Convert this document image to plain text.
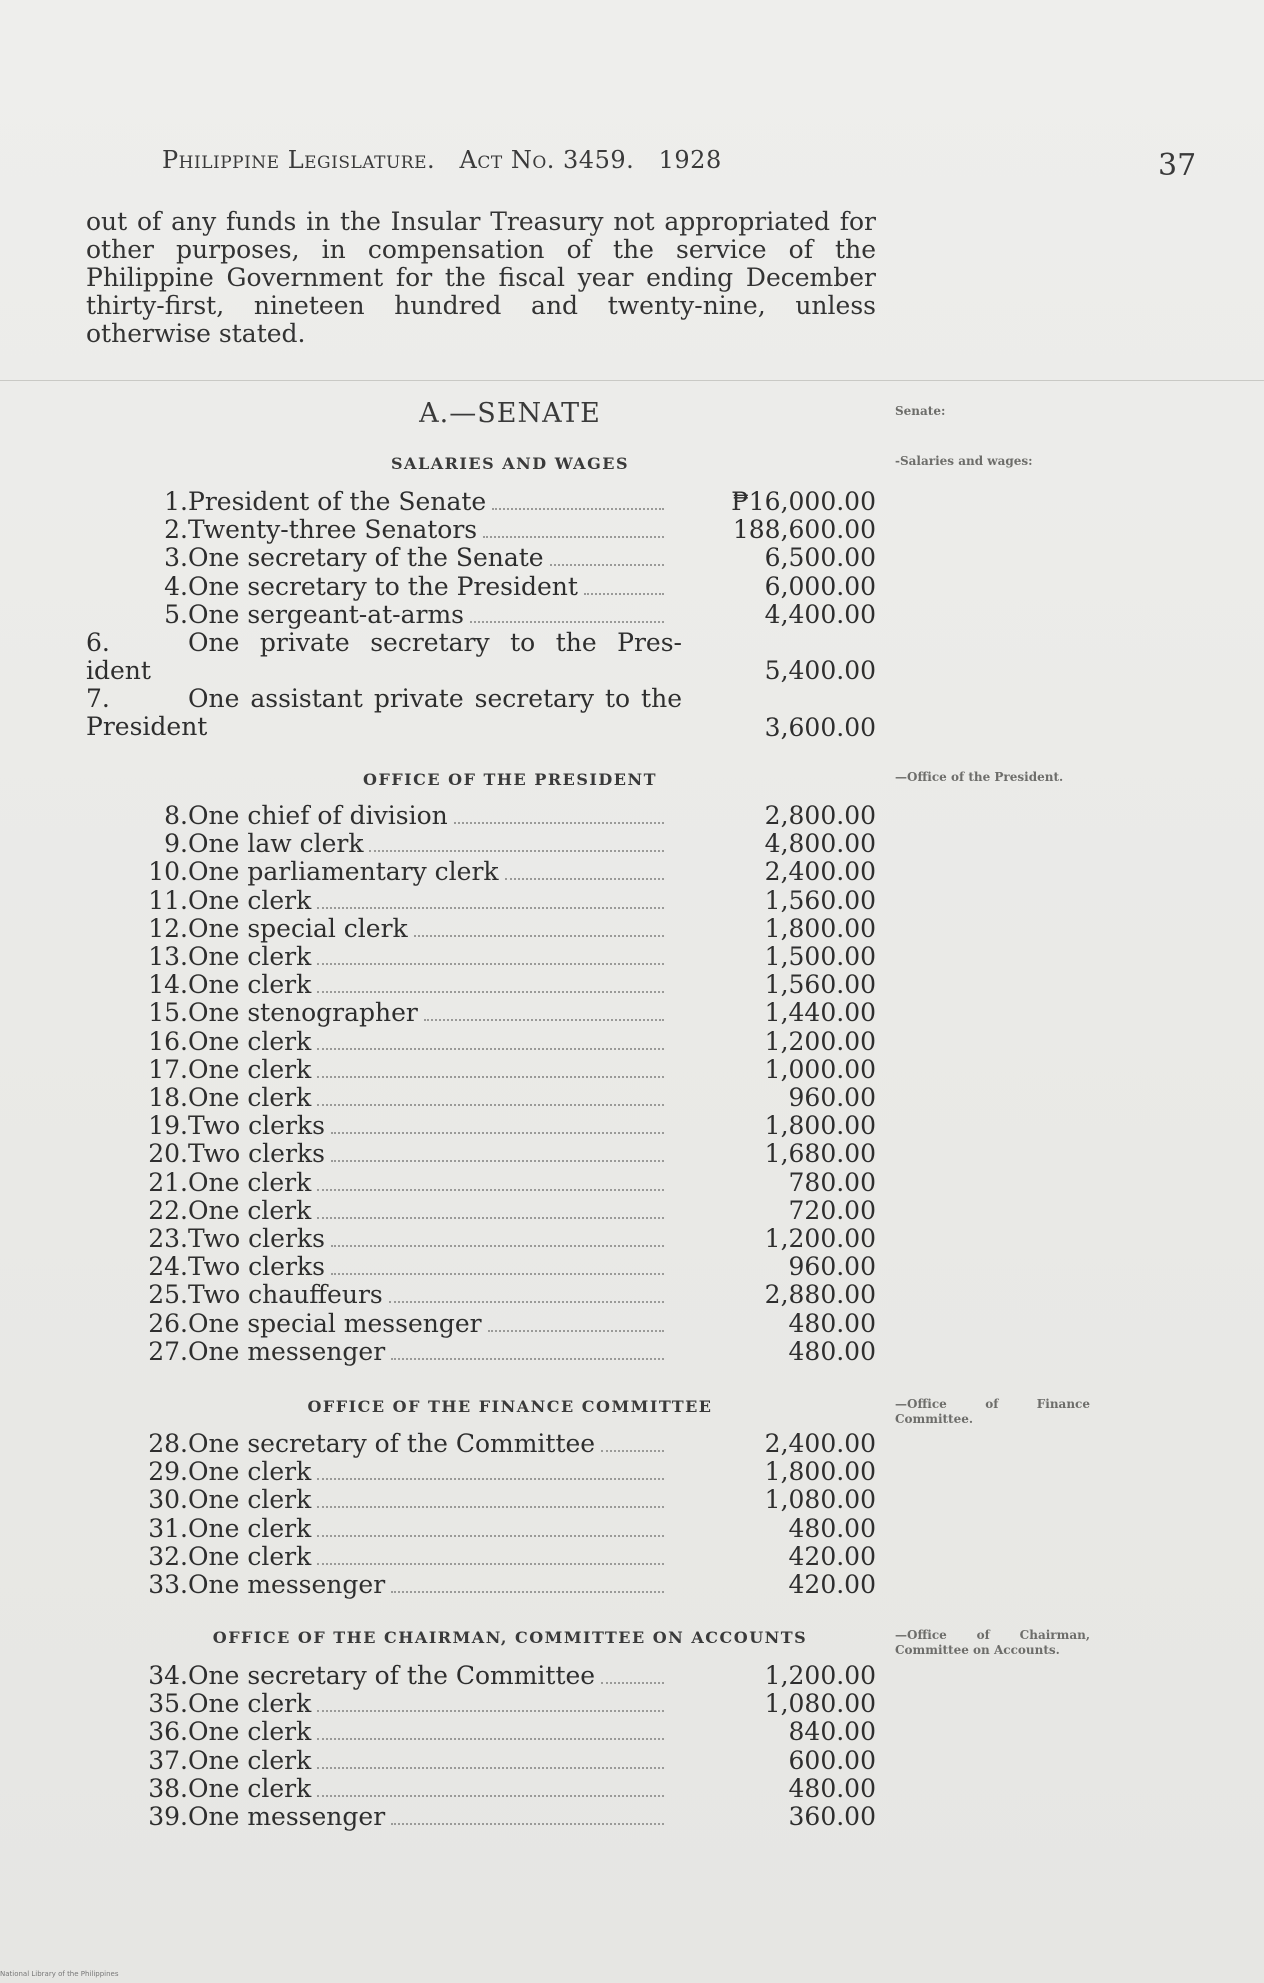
Philippine Legislature. Act No. 3459. 1928	37

out of any funds in the Insular Treasury not appropriated for other purposes, in compensation of the service of the Philippine Government for the fiscal year ending December thirty-first, nineteen hundred and twenty-nine, unless otherwise stated.

A.—SENATE	Senate:
SALARIES AND WAGES	-Salaries and wages:
1.President of the Senate	₱16,000.00
2.Twenty-three Senators	188,600.00
3.One secretary of the Senate	6,500.00
4.One secretary to the President	6,000.00
5.One sergeant-at-arms	4,400.00
6.	One private secretary to the Pres-
ident	5,400.00
7.	One assistant private secretary to the
President	3,600.00
OFFICE OF THE PRESIDENT	—Office of the President.
8.One chief of division	2,800.00
9.One law clerk	4,800.00
10.One parliamentary clerk	2,400.00
11.One clerk	1,560.00
12.One special clerk	1,800.00
13.One clerk	1,500.00
14.One clerk	1,560.00
15.One stenographer	1,440.00
16.One clerk	1,200.00
17.One clerk	1,000.00
18.One clerk	960.00
19.Two clerks	1,800.00
20.Two clerks	1,680.00
21.One clerk	780.00
22.One clerk	720.00
23.Two clerks	1,200.00
24.Two clerks	960.00
25.Two chauffeurs	2,880.00
26.One special messenger	480.00
27.One messenger	480.00
OFFICE OF THE FINANCE COMMITTEE	—Office of Finance Committee.
28.One secretary of the Committee	2,400.00
29.One clerk	1,800.00
30.One clerk	1,080.00
31.One clerk	480.00
32.One clerk	420.00
33.One messenger	420.00
OFFICE OF THE CHAIRMAN, COMMITTEE ON ACCOUNTS	—Office of Chairman, Committee on Accounts.
34.One secretary of the Committee	1,200.00
35.One clerk	1,080.00
36.One clerk	840.00
37.One clerk	600.00
38.One clerk	480.00
39.One messenger	360.00
National Library of the Philippines
